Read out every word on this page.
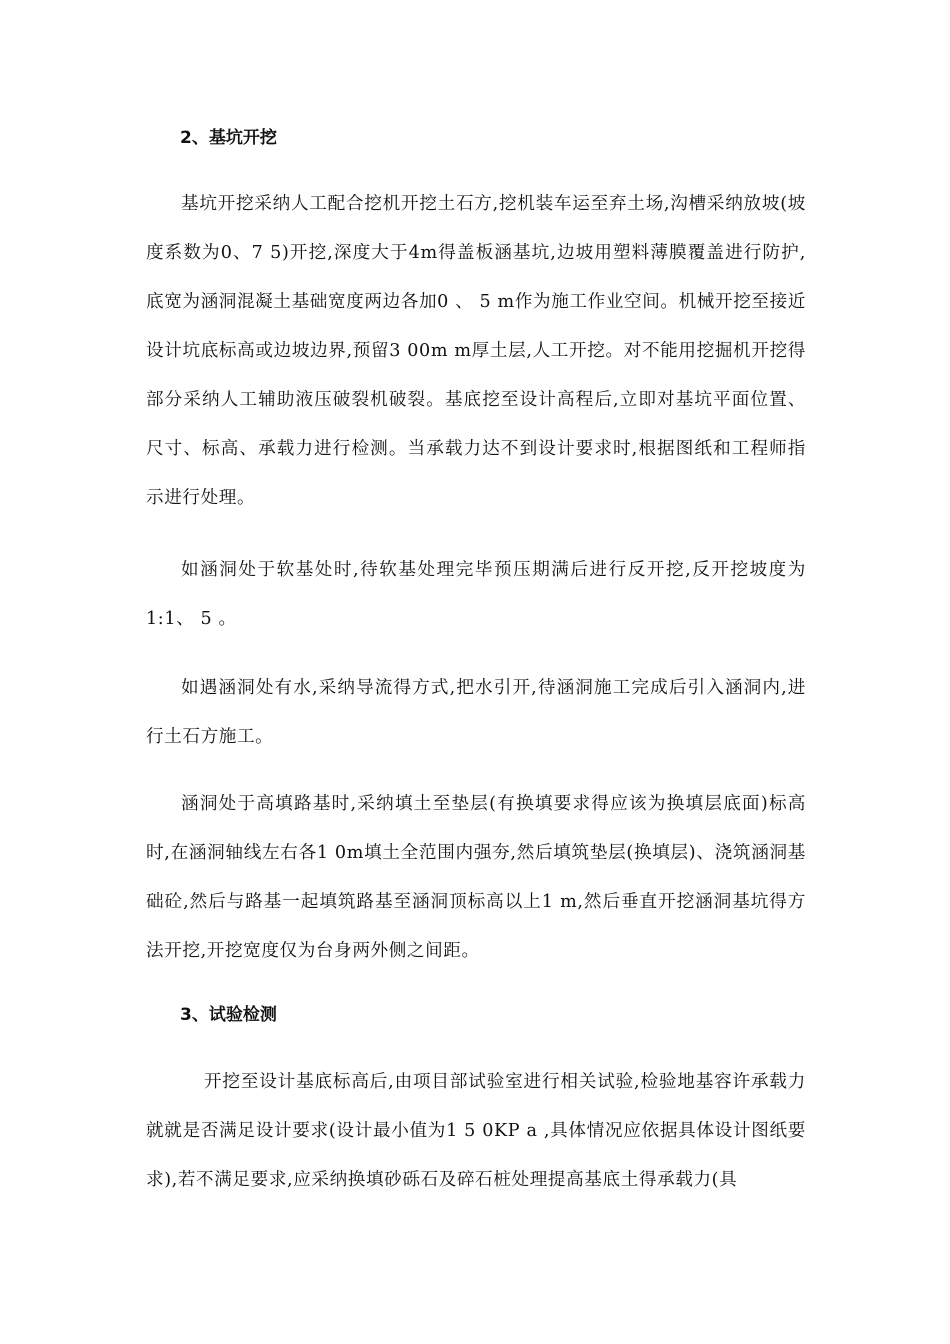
2、基坑开挖

基坑开挖采纳人工配合挖机开挖土石方,挖机装车运至弃土场,沟槽采纳放坡(坡度系数为0、7 5)开挖,深度大于4m得盖板涵基坑,边坡用塑料薄膜覆盖进行防护,底宽为涵洞混凝土基础宽度两边各加0 、 5 m作为施工作业空间。机械开挖至接近设计坑底标高或边坡边界,预留3 00m m厚土层,人工开挖。对不能用挖掘机开挖得部分采纳人工辅助液压破裂机破裂。基底挖至设计高程后,立即对基坑平面位置、尺寸、标高、承载力进行检测。当承载力达不到设计要求时,根据图纸和工程师指示进行处理。

如涵洞处于软基处时,待软基处理完毕预压期满后进行反开挖,反开挖坡度为1:1、 5 。

如遇涵洞处有水,采纳导流得方式,把水引开,待涵洞施工完成后引入涵洞内,进行土石方施工。

涵洞处于高填路基时,采纳填土至垫层(有换填要求得应该为换填层底面)标高时,在涵洞轴线左右各1 0m填土全范围内强夯,然后填筑垫层(换填层)、浇筑涵洞基础砼,然后与路基一起填筑路基至涵洞顶标高以上1 m,然后垂直开挖涵洞基坑得方法开挖,开挖宽度仅为台身两外侧之间距。

3、试验检测

开挖至设计基底标高后,由项目部试验室进行相关试验,检验地基容许承载力就就是否满足设计要求(设计最小值为1 5 0KP a ,具体情况应依据具体设计图纸要求),若不满足要求,应采纳换填砂砾石及碎石桩处理提高基底土得承载力(具
